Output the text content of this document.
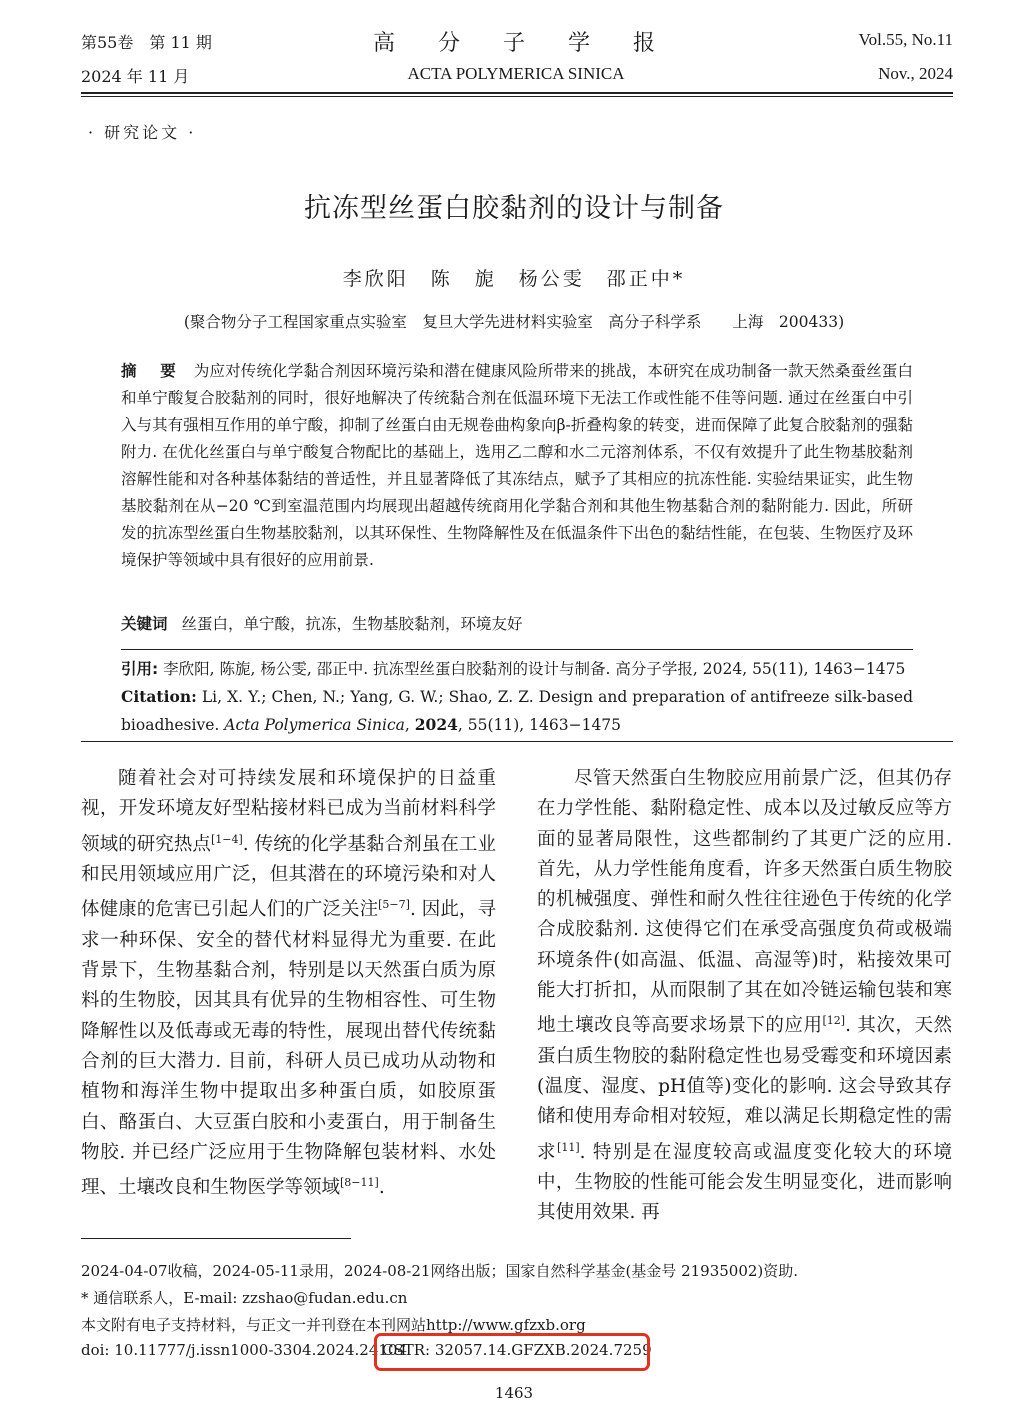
第55卷　第 11 期
2024 年 11 月
高 分 子 学 报
ACTA POLYMERICA SINICA
Vol.55, No.11
Nov., 2024
· 研究论文 ·
抗冻型丝蛋白胶黏剂的设计与制备
李欣阳　陈　旎　杨公雯　邵正中*
(聚合物分子工程国家重点实验室　复旦大学先进材料实验室　高分子科学系　　上海　200433)
摘　要 为应对传统化学黏合剂因环境污染和潜在健康风险所带来的挑战，本研究在成功制备一款天然桑蚕丝蛋白和单宁酸复合胶黏剂的同时，很好地解决了传统黏合剂在低温环境下无法工作或性能不佳等问题. 通过在丝蛋白中引入与其有强相互作用的单宁酸，抑制了丝蛋白由无规卷曲构象向β-折叠构象的转变，进而保障了此复合胶黏剂的强黏附力. 在优化丝蛋白与单宁酸复合物配比的基础上，选用乙二醇和水二元溶剂体系，不仅有效提升了此生物基胶黏剂溶解性能和对各种基体黏结的普适性，并且显著降低了其冻结点，赋予了其相应的抗冻性能. 实验结果证实，此生物基胶黏剂在从−20 ℃到室温范围内均展现出超越传统商用化学黏合剂和其他生物基黏合剂的黏附能力. 因此，所研发的抗冻型丝蛋白生物基胶黏剂，以其环保性、生物降解性及在低温条件下出色的黏结性能，在包装、生物医疗及环境保护等领域中具有很好的应用前景.
关键词 丝蛋白，单宁酸，抗冻，生物基胶黏剂，环境友好
引用: 李欣阳, 陈旎, 杨公雯, 邵正中. 抗冻型丝蛋白胶黏剂的设计与制备. 高分子学报, 2024, 55(11), 1463−1475
Citation: Li, X. Y.; Chen, N.; Yang, G. W.; Shao, Z. Z. Design and preparation of antifreeze silk-based bioadhesive. Acta Polymerica Sinica, 2024, 55(11), 1463−1475

随着社会对可持续发展和环境保护的日益重视，开发环境友好型粘接材料已成为当前材料科学领域的研究热点[1−4]. 传统的化学基黏合剂虽在工业和民用领域应用广泛，但其潜在的环境污染和对人体健康的危害已引起人们的广泛关注[5−7]. 因此，寻求一种环保、安全的替代材料显得尤为重要. 在此背景下，生物基黏合剂，特别是以天然蛋白质为原料的生物胶，因其具有优异的生物相容性、可生物降解性以及低毒或无毒的特性，展现出替代传统黏合剂的巨大潜力. 目前，科研人员已成功从动物和植物和海洋生物中提取出多种蛋白质，如胶原蛋白、酪蛋白、大豆蛋白胶和小麦蛋白，用于制备生物胶. 并已经广泛应用于生物降解包装材料、水处理、土壤改良和生物医学等领域[8−11].

尽管天然蛋白生物胶应用前景广泛，但其仍存在力学性能、黏附稳定性、成本以及过敏反应等方面的显著局限性，这些都制约了其更广泛的应用. 首先，从力学性能角度看，许多天然蛋白质生物胶的机械强度、弹性和耐久性往往逊色于传统的化学合成胶黏剂. 这使得它们在承受高强度负荷或极端环境条件(如高温、低温、高湿等)时，粘接效果可能大打折扣，从而限制了其在如冷链运输包装和寒地土壤改良等高要求场景下的应用[12]. 其次，天然蛋白质生物胶的黏附稳定性也易受霉变和环境因素(温度、湿度、pH值等)变化的影响. 这会导致其存储和使用寿命相对较短，难以满足长期稳定性的需求[11]. 特别是在湿度较高或温度变化较大的环境中，生物胶的性能可能会发生明显变化，进而影响其使用效果. 再

2024-04-07收稿，2024-05-11录用，2024-08-21网络出版；国家自然科学基金(基金号 21935002)资助.
* 通信联系人，E-mail: zzshao@fudan.edu.cn
本文附有电子支持材料，与正文一并刊登在本刊网站http://www.gfzxb.org
doi: 10.11777/j.issn1000-3304.2024.24104
CSTR: 32057.14.GFZXB.2024.7259
1463
